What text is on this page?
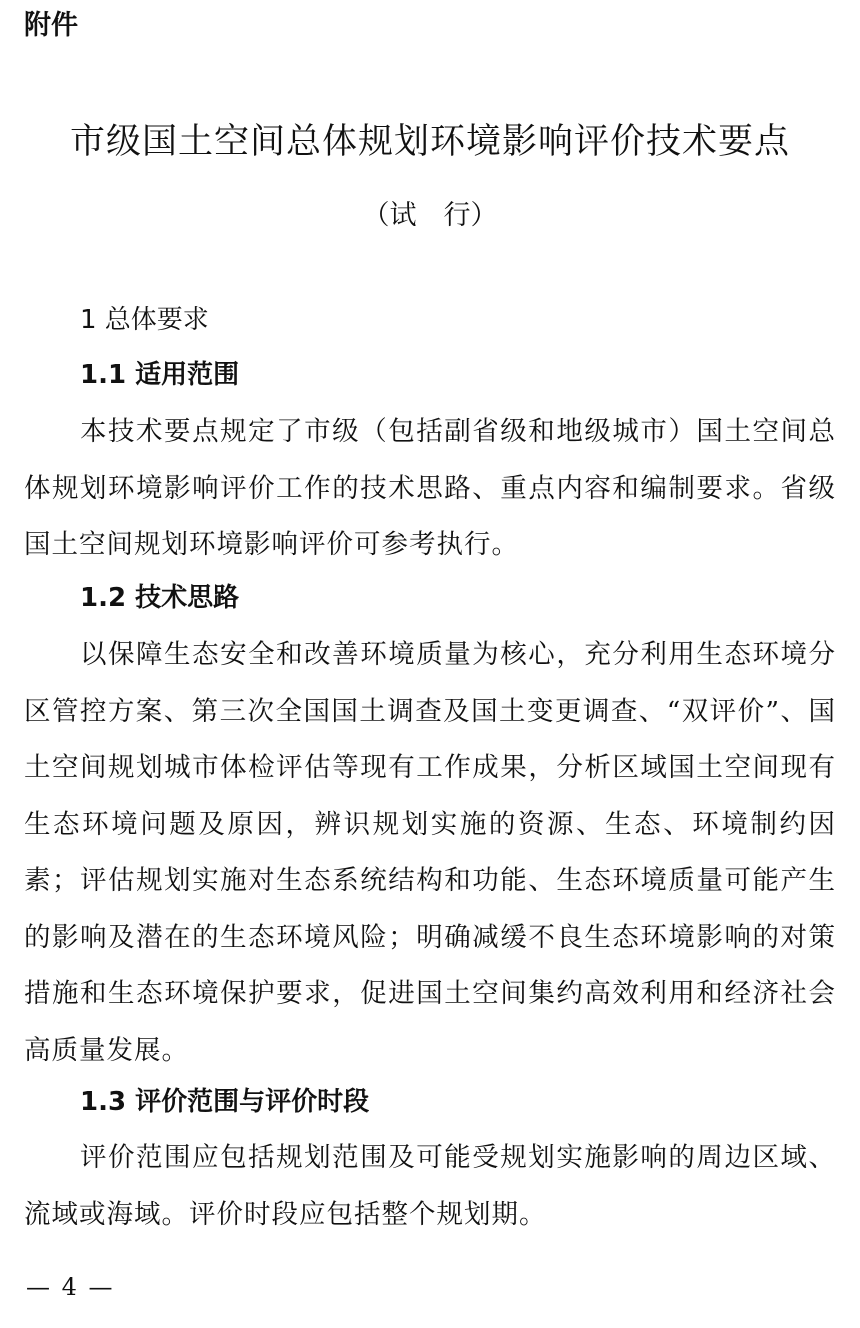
附件
市级国土空间总体规划环境影响评价技术要点
（试　行）
1 总体要求
1.1 适用范围

本技术要点规定了市级（包括副省级和地级城市）国土空间总体规划环境影响评价工作的技术思路、重点内容和编制要求。省级国土空间规划环境影响评价可参考执行。

1.2 技术思路

以保障生态安全和改善环境质量为核心，充分利用生态环境分区管控方案、第三次全国国土调查及国土变更调查、“双评价”、国土空间规划城市体检评估等现有工作成果，分析区域国土空间现有生态环境问题及原因，辨识规划实施的资源、生态、环境制约因素；评估规划实施对生态系统结构和功能、生态环境质量可能产生的影响及潜在的生态环境风险；明确减缓不良生态环境影响的对策措施和生态环境保护要求，促进国土空间集约高效利用和经济社会高质量发展。

1.3 评价范围与评价时段

评价范围应包括规划范围及可能受规划实施影响的周边区域、流域或海域。评价时段应包括整个规划期。

— 4 —
